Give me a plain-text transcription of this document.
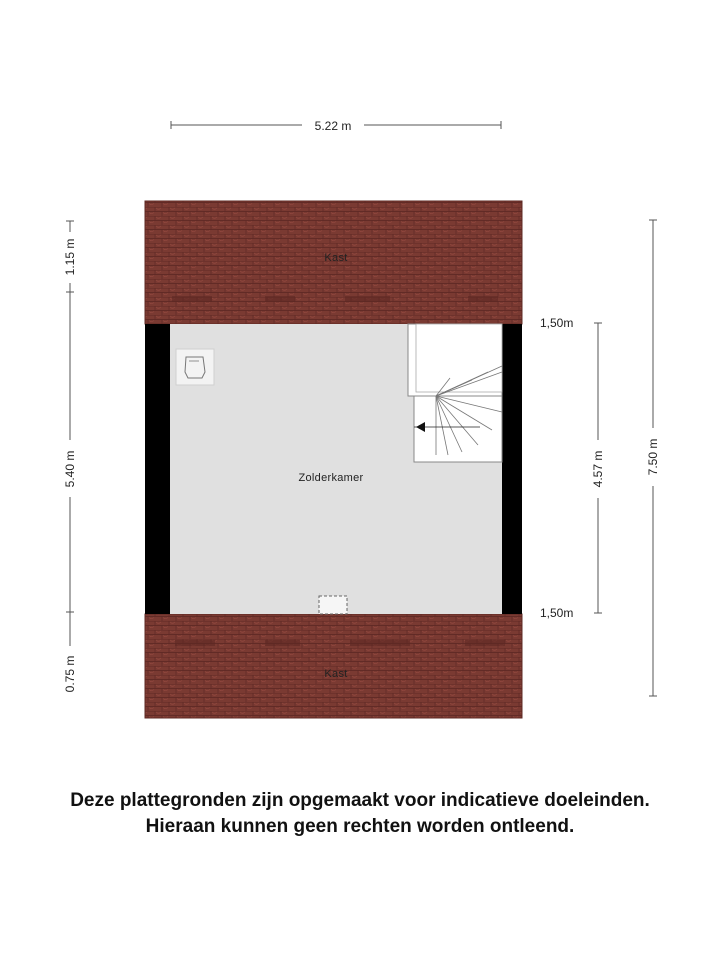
5.22 m
1.15 m
5.40 m
0.75 m
4.57 m	7.50 m
1,50m
1,50m
Kast
Kast
Zolderkamer
Deze plattegronden zijn opgemaakt voor indicatieve doeleinden.
Hieraan kunnen geen rechten worden ontleend.
